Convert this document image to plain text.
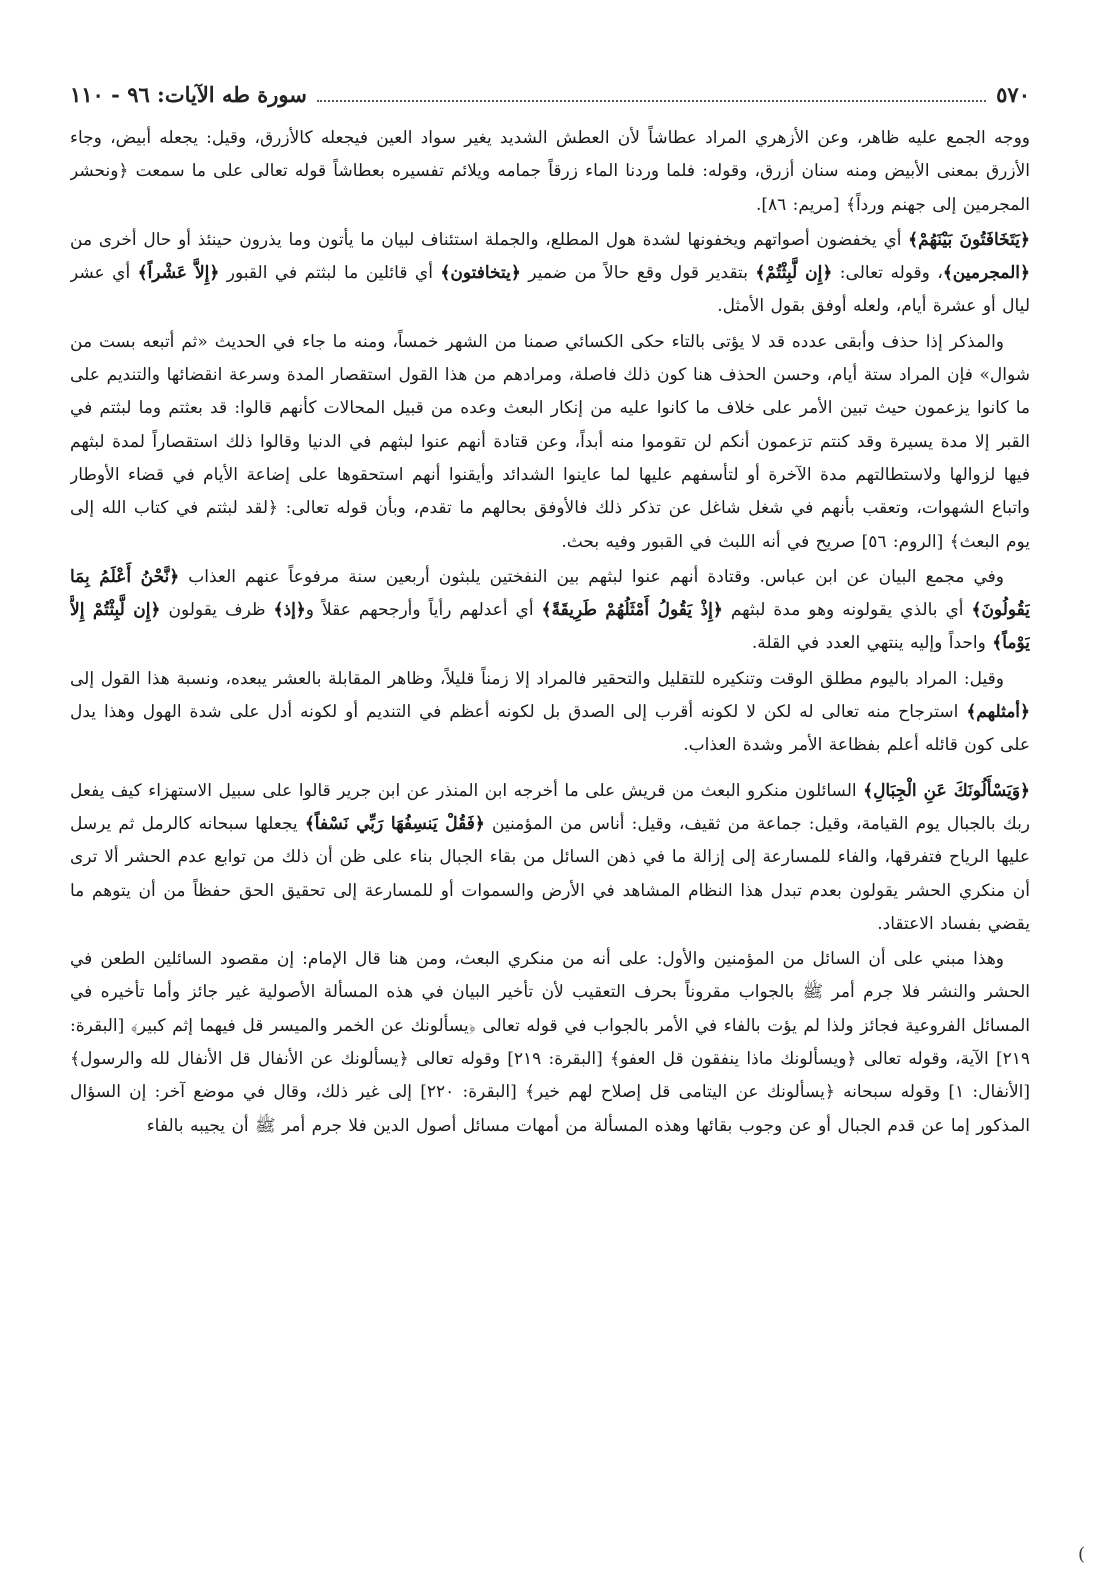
٥٧٠
سورة طه الآيات: ٩٦ - ١١٠

ووجه الجمع عليه ظاهر، وعن الأزهري المراد عطاشاً لأن العطش الشديد يغير سواد العين فيجعله كالأزرق، وقيل: يجعله أبيض، وجاء الأزرق بمعنى الأبيض ومنه سنان أزرق، وقوله: فلما وردنا الماء زرقاً جمامه ويلائم تفسيره بعطاشاً قوله تعالى على ما سمعت ﴿ونحشر المجرمين إلى جهنم ورداً﴾ [مريم: ٨٦].

﴿يَتَخَافَتُونَ بَيْنَهُمْ﴾ أي يخفضون أصواتهم ويخفونها لشدة هول المطلع، والجملة استئناف لبيان ما يأتون وما يذرون حينئذ أو حال أخرى من ﴿المجرمين﴾، وقوله تعالى: ﴿إِن لَّبِثْتُمْ﴾ بتقدير قول وقع حالاً من ضمير ﴿يتخافتون﴾ أي قائلين ما لبثتم في القبور ﴿إِلاَّ عَشْراً﴾ أي عشر ليال أو عشرة أيام، ولعله أوفق بقول الأمثل.

والمذكر إذا حذف وأبقى عدده قد لا يؤتى بالتاء حكى الكسائي صمنا من الشهر خمساً، ومنه ما جاء في الحديث «ثم أتبعه بست من شوال» فإن المراد ستة أيام، وحسن الحذف هنا كون ذلك فاصلة، ومرادهم من هذا القول استقصار المدة وسرعة انقضائها والتنديم على ما كانوا يزعمون حيث تبين الأمر على خلاف ما كانوا عليه من إنكار البعث وعده من قبيل المحالات كأنهم قالوا: قد بعثتم وما لبثتم في القبر إلا مدة يسيرة وقد كنتم تزعمون أنكم لن تقوموا منه أبداً، وعن قتادة أنهم عنوا لبثهم في الدنيا وقالوا ذلك استقصاراً لمدة لبثهم فيها لزوالها ولاستطالتهم مدة الآخرة أو لتأسفهم عليها لما عاينوا الشدائد وأيقنوا أنهم استحقوها على إضاعة الأيام في قضاء الأوطار واتباع الشهوات، وتعقب بأنهم في شغل شاغل عن تذكر ذلك فالأوفق بحالهم ما تقدم، وبأن قوله تعالى: ﴿لقد لبثتم في كتاب الله إلى يوم البعث﴾ [الروم: ٥٦] صريح في أنه اللبث في القبور وفيه بحث.

وفي مجمع البيان عن ابن عباس. وقتادة أنهم عنوا لبثهم بين النفختين يلبثون أربعين سنة مرفوعاً عنهم العذاب ﴿نَّحْنُ أَعْلَمُ بِمَا يَقُولُونَ﴾ أي بالذي يقولونه وهو مدة لبثهم ﴿إِذْ يَقُولُ أَمْثَلُهُمْ طَرِيقَةً﴾ أي أعدلهم رأياً وأرجحهم عقلاً و﴿إذ﴾ ظرف يقولون ﴿إِن لَّبِثْتُمْ إِلاَّ يَوْماً﴾ واحداً وإليه ينتهي العدد في القلة.

وقيل: المراد باليوم مطلق الوقت وتنكيره للتقليل والتحقير فالمراد إلا زمناً قليلاً، وظاهر المقابلة بالعشر يبعده، ونسبة هذا القول إلى ﴿أمثلهم﴾ استرجاح منه تعالى له لكن لا لكونه أقرب إلى الصدق بل لكونه أعظم في التنديم أو لكونه أدل على شدة الهول وهذا يدل على كون قائله أعلم بفظاعة الأمر وشدة العذاب.

﴿وَيَسْأَلُونَكَ عَنِ الْجِبَالِ﴾ السائلون منكرو البعث من قريش على ما أخرجه ابن المنذر عن ابن جرير قالوا على سبيل الاستهزاء كيف يفعل ربك بالجبال يوم القيامة، وقيل: جماعة من ثقيف، وقيل: أناس من المؤمنين ﴿فَقُلْ يَنسِفُهَا رَبِّي نَسْفاً﴾ يجعلها سبحانه كالرمل ثم يرسل عليها الرياح فتفرقها، والفاء للمسارعة إلى إزالة ما في ذهن السائل من بقاء الجبال بناء على ظن أن ذلك من توابع عدم الحشر ألا ترى أن منكري الحشر يقولون بعدم تبدل هذا النظام المشاهد في الأرض والسموات أو للمسارعة إلى تحقيق الحق حفظاً من أن يتوهم ما يقضي بفساد الاعتقاد.

وهذا مبني على أن السائل من المؤمنين والأول: على أنه من منكري البعث، ومن هنا قال الإمام: إن مقصود السائلين الطعن في الحشر والنشر فلا جرم أمر ﷺ بالجواب مقروناً بحرف التعقيب لأن تأخير البيان في هذه المسألة الأصولية غير جائز وأما تأخيره في المسائل الفروعية فجائز ولذا لم يؤت بالفاء في الأمر بالجواب في قوله تعالى ﴿يسألونك عن الخمر والميسر قل فيهما إثم كبير﴾ [البقرة: ٢١٩] الآية، وقوله تعالى ﴿ويسألونك ماذا ينفقون قل العفو﴾ [البقرة: ٢١٩] وقوله تعالى ﴿يسألونك عن الأنفال قل الأنفال لله والرسول﴾ [الأنفال: ١] وقوله سبحانه ﴿يسألونك عن اليتامى قل إصلاح لهم خير﴾ [البقرة: ٢٢٠] إلى غير ذلك، وقال في موضع آخر: إن السؤال المذكور إما عن قدم الجبال أو عن وجوب بقائها وهذه المسألة من أمهات مسائل أصول الدين فلا جرم أمر ﷺ أن يجيبه بالفاء

(
